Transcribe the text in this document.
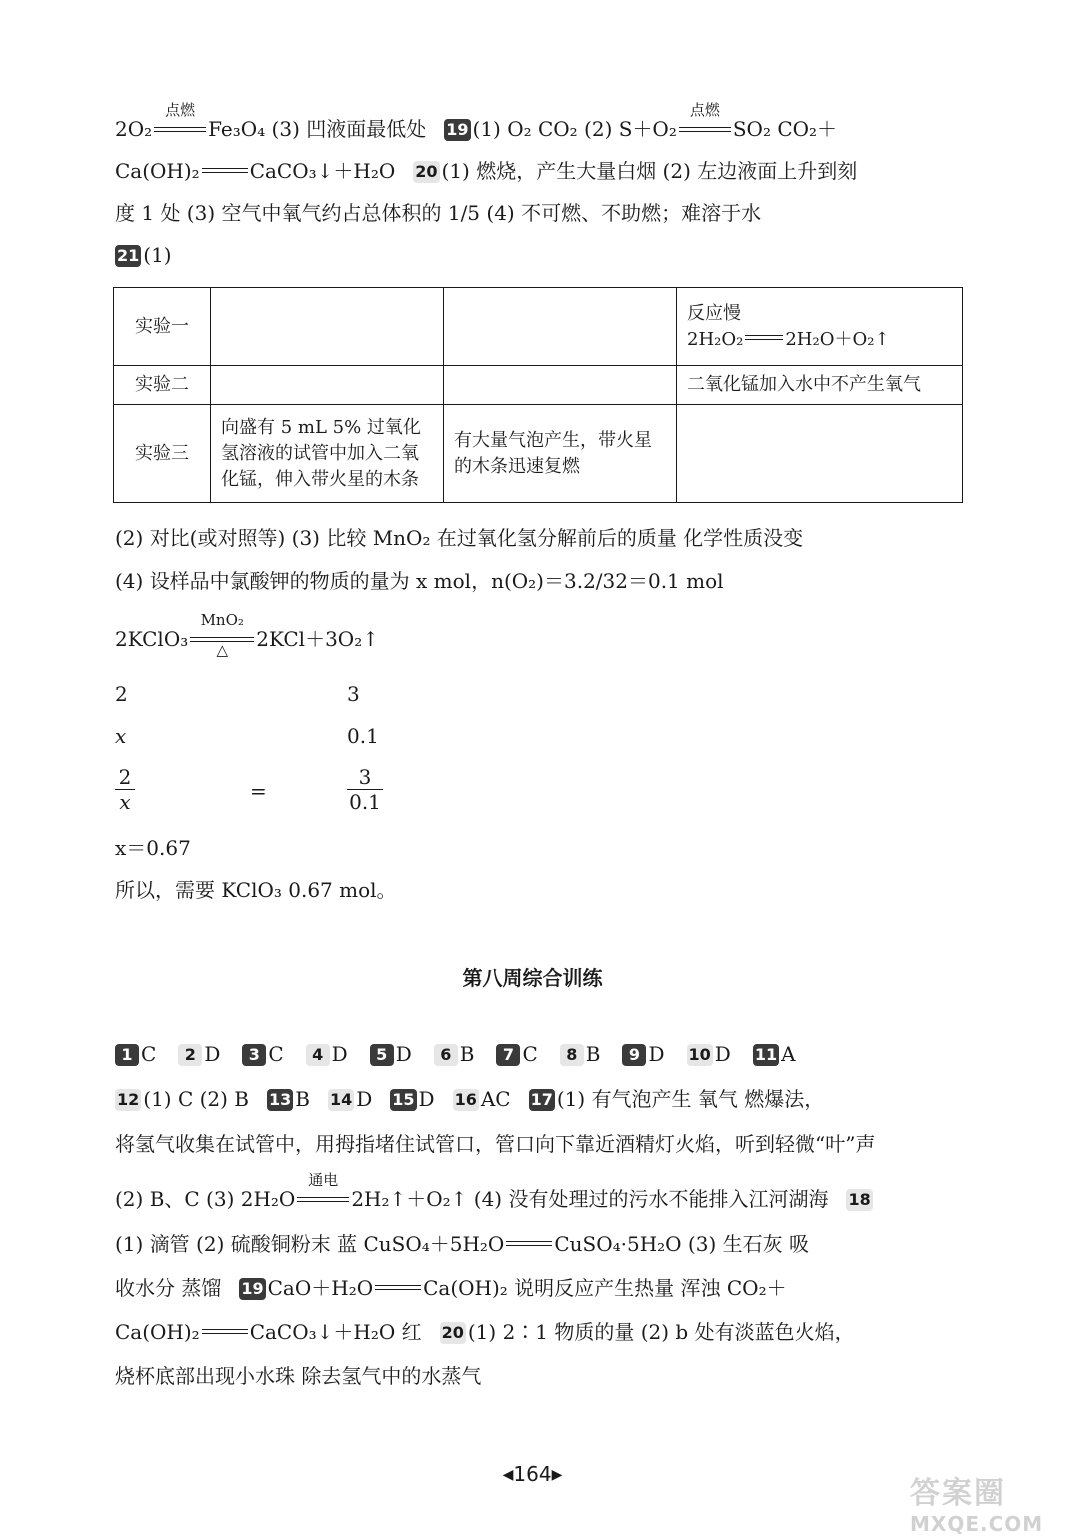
2O₂
点燃
Fe₃O₄ (3) 凹液面最低处 19 (1) O₂ CO₂ (2) S＋O₂
点燃
SO₂ CO₂＋
Ca(OH)₂	CaCO₃↓＋H₂O 20 (1) 燃烧，产生大量白烟 (2) 左边液面上升到刻
度 1 处 (3) 空气中氧气约占总体积的 1/5 (4) 不可燃、不助燃；难溶于水
21 (1)
实验一			反应慢
2H₂O₂ 2H₂O＋O₂↑

实验二			二氧化锰加入水中不产生氧气
实验三	向盛有 5 mL 5% 过氧化氢溶液的试管中加入二氧化锰，伸入带火星的木条	有大量气泡产生，带火星的木条迅速复燃	
(2) 对比(或对照等) (3) 比较 MnO₂ 在过氧化氢分解前后的质量 化学性质没变
(4) 设样品中氯酸钾的物质的量为 x mol，n(O₂)＝3.2/32＝0.1 mol
2KClO₃
MnO₂
△	2KCl＋3O₂↑
2	3
x	0.1
$\frac{2}{x}$	=	$\frac{3}{0.1}$
x＝0.67
所以，需要 KClO₃ 0.67 mol。
第八周综合训练
1 C 2 D 3 C 4 D 5 D 6 B 7 C 8 B 9 D 10 D 11 A
12 (1) C (2) B 13 B 14 D 15 D 16 AC 17 (1) 有气泡产生 氧气 燃爆法，
将氢气收集在试管中，用拇指堵住试管口，管口向下靠近酒精灯火焰，听到轻微“叶”声
(2) B、C (3) 2H₂O
通电
2H₂↑＋O₂↑ (4) 没有处理过的污水不能排入江河湖海 18
(1) 滴管 (2) 硫酸铜粉末 蓝 CuSO₄＋5H₂O	CuSO₄·5H₂O (3) 生石灰 吸
收水分 蒸馏 19 CaO＋H₂O	Ca(OH)₂ 说明反应产生热量 浑浊 CO₂＋
Ca(OH)₂	CaCO₃↓＋H₂O 红 20 (1) 2∶1 物质的量 (2) b 处有淡蓝色火焰，
烧杯底部出现小水珠 除去氢气中的水蒸气
◀164▶
答案圈
MXQE.COM
